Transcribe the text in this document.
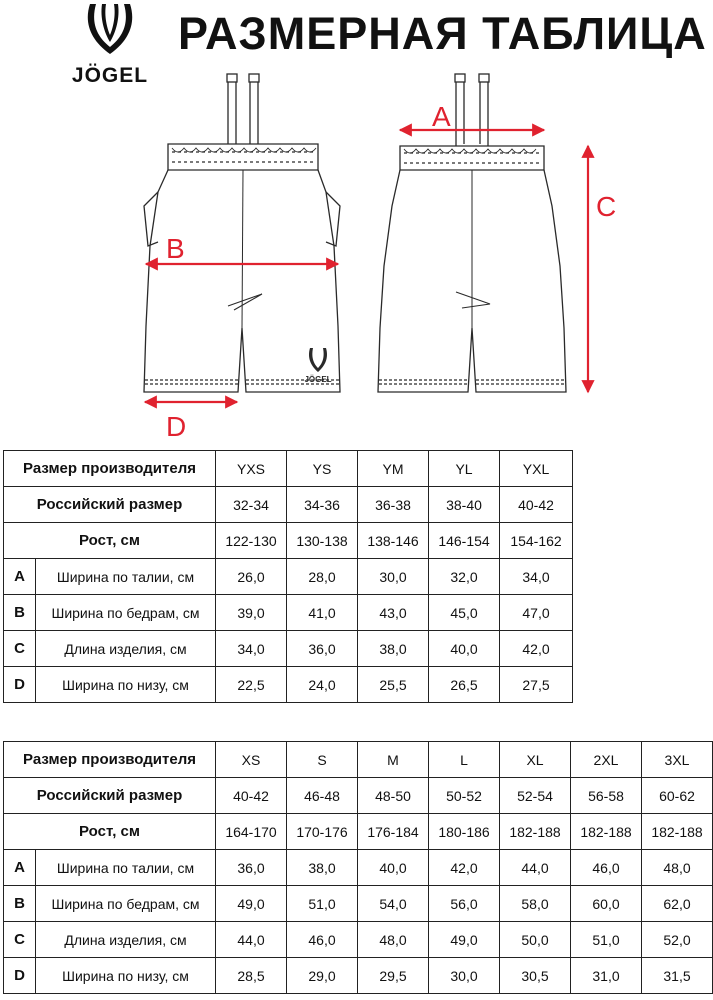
JÖGEL
РАЗМЕРНАЯ ТАБЛИЦА
JÖGEL
A
B
C
D
Размер производителя		YXS	YS	YM	YL	YXL
Российский размер		32-34	34-36	36-38	38-40	40-42
Рост, см		122-130	130-138	138-146	146-154	154-162
A	Ширина по талии, см	26,0	28,0	30,0	32,0	34,0
B	Ширина по бедрам, см	39,0	41,0	43,0	45,0	47,0
C	Длина изделия, см	34,0	36,0	38,0	40,0	42,0
D	Ширина по низу, см	22,5	24,0	25,5	26,5	27,5
Размер производителя		XS	S	M	L	XL	2XL	3XL
Российский размер		40-42	46-48	48-50	50-52	52-54	56-58	60-62
Рост, см		164-170	170-176	176-184	180-186	182-188	182-188	182-188
A	Ширина по талии, см	36,0	38,0	40,0	42,0	44,0	46,0	48,0
B	Ширина по бедрам, см	49,0	51,0	54,0	56,0	58,0	60,0	62,0
C	Длина изделия, см	44,0	46,0	48,0	49,0	50,0	51,0	52,0
D	Ширина по низу, см	28,5	29,0	29,5	30,0	30,5	31,0	31,5
